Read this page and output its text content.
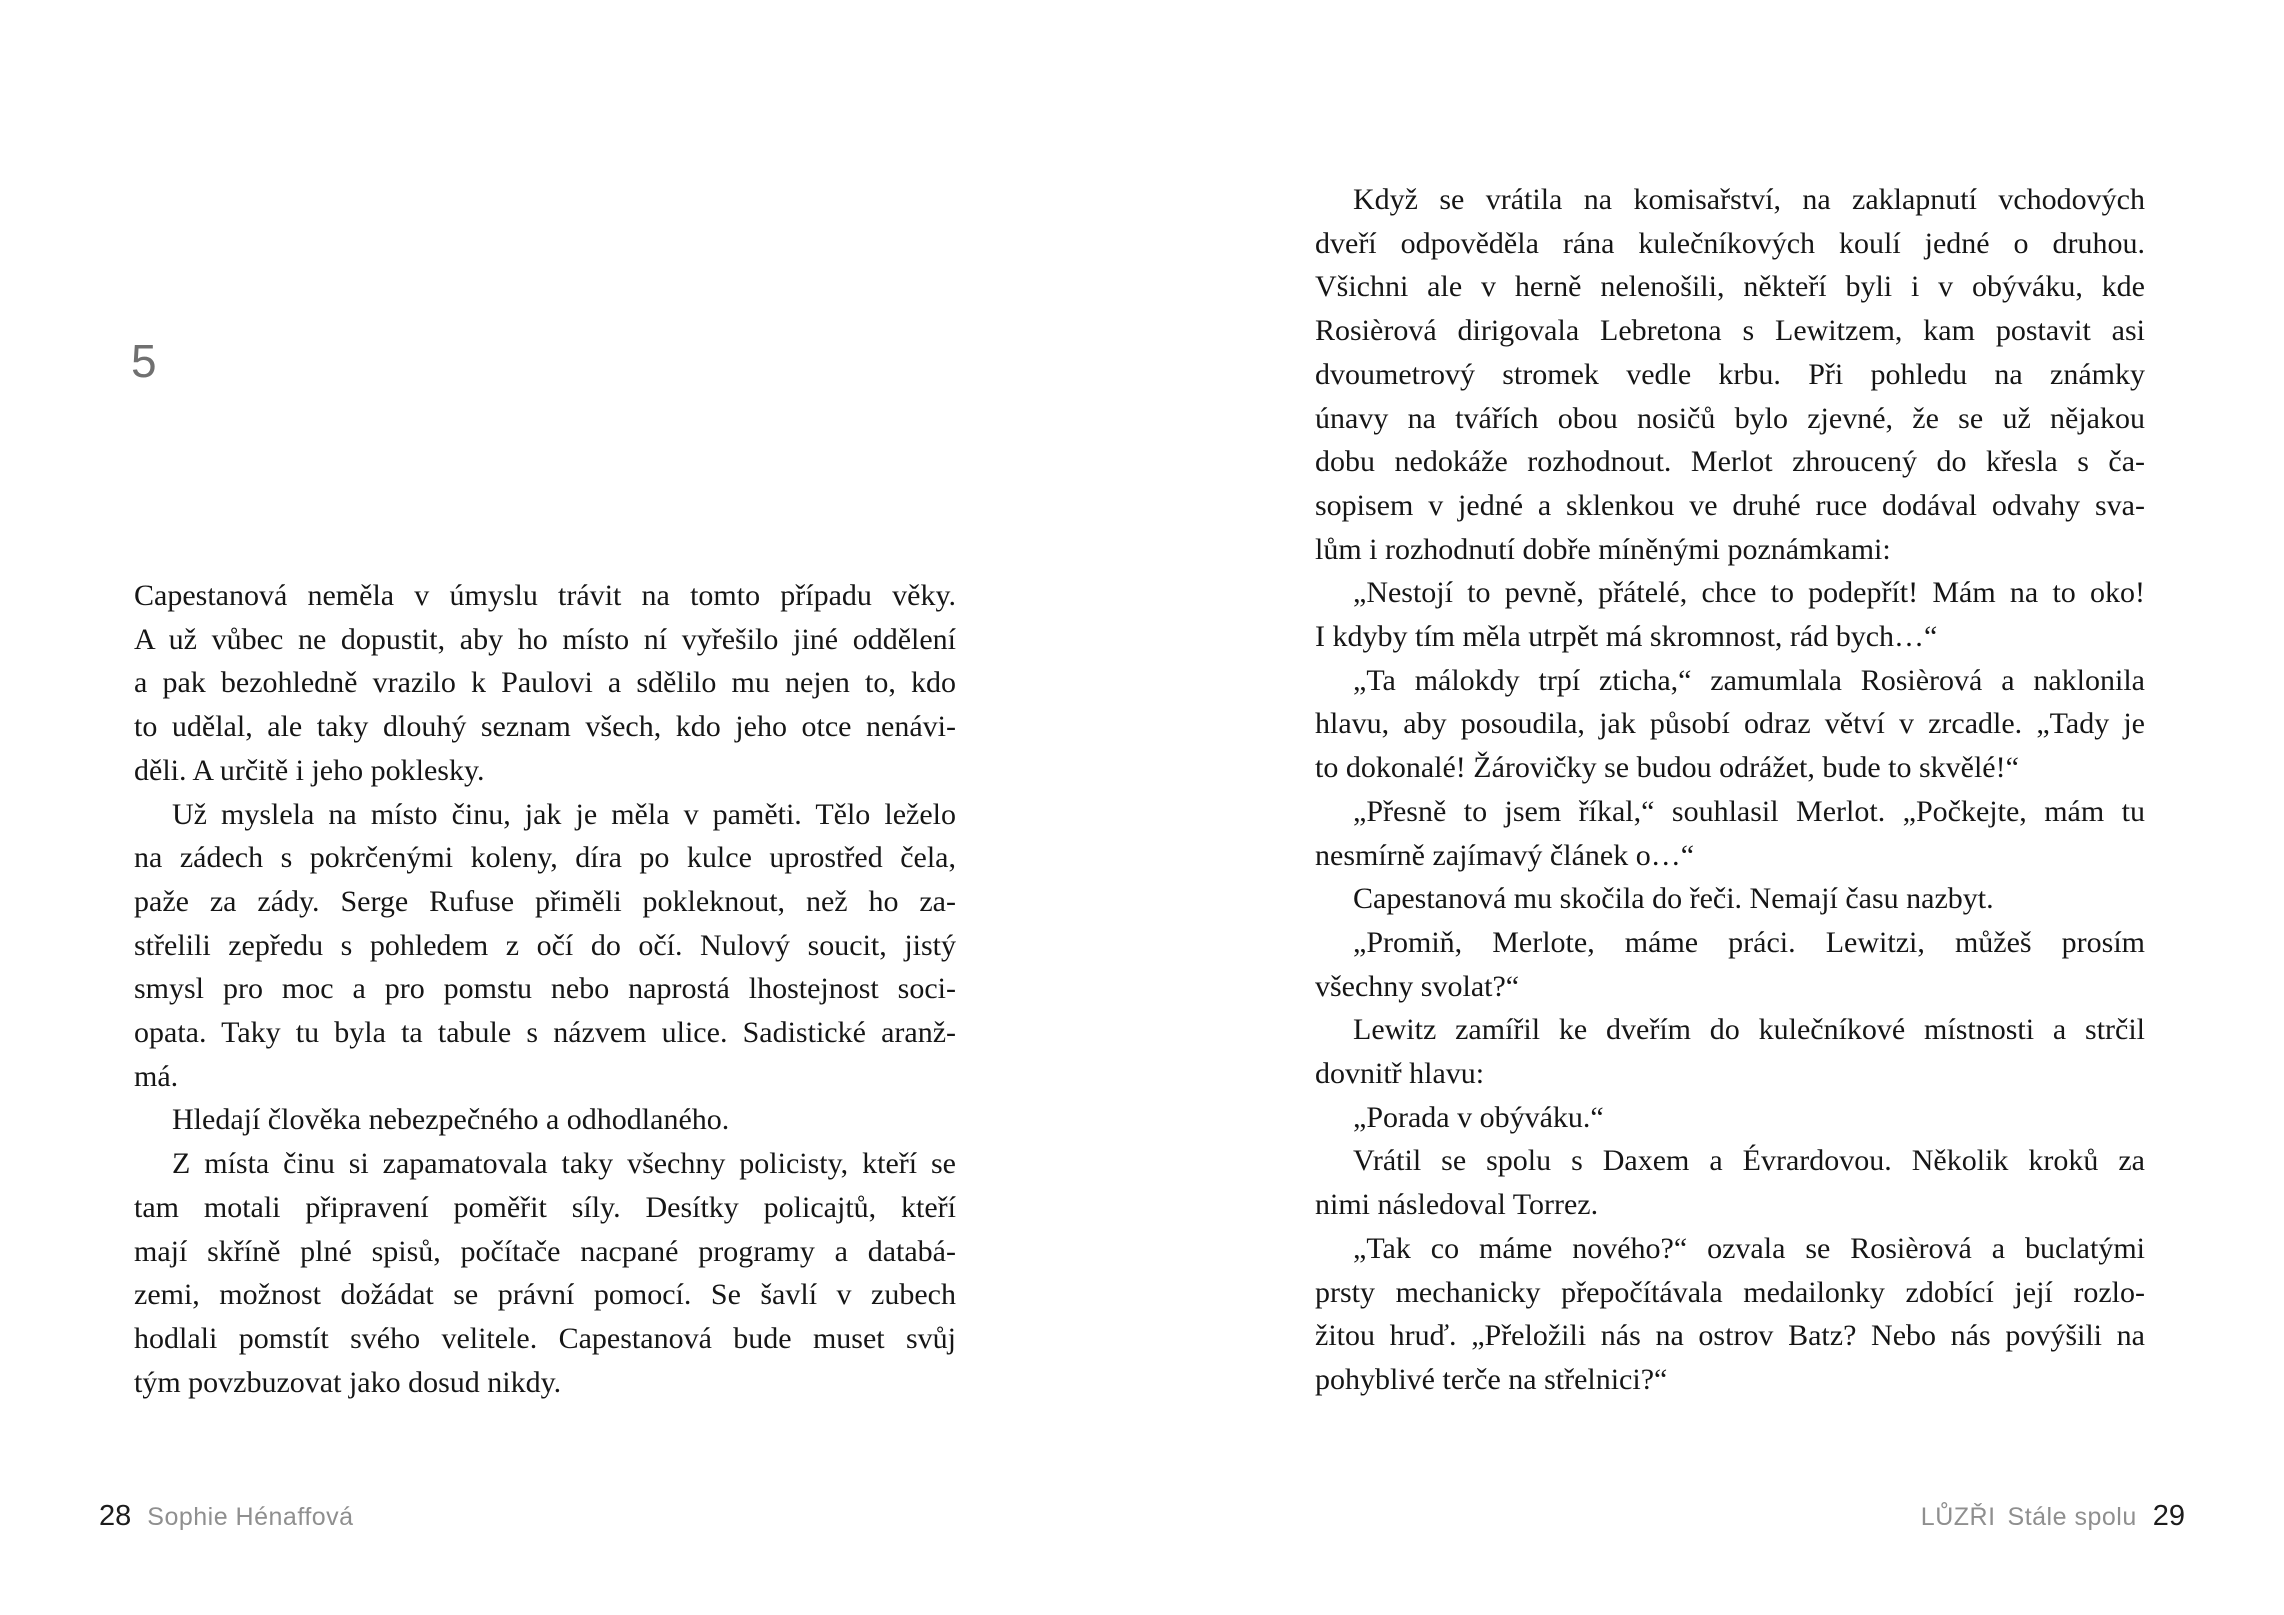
5
Capestanová neměla v úmyslu trávit na tomto případu věky.
A už vůbec ne dopustit, aby ho místo ní vyřešilo jiné oddělení
a pak bezohledně vrazilo k Paulovi a sdělilo mu nejen to, kdo
to udělal, ale taky dlouhý seznam všech, kdo jeho otce nenávi-
děli. A určitě i jeho poklesky.
Už myslela na místo činu, jak je měla v paměti. Tělo leželo
na zádech s pokrčenými koleny, díra po kulce uprostřed čela,
paže za zády. Serge Rufuse přiměli pokleknout, než ho za-
střelili zepředu s pohledem z očí do očí. Nulový soucit, jistý
smysl pro moc a pro pomstu nebo naprostá lhostejnost soci-
opata. Taky tu byla ta tabule s názvem ulice. Sadistické aranž-
má.
Hledají člověka nebezpečného a odhodlaného.
Z místa činu si zapamatovala taky všechny policisty, kteří se
tam motali připravení poměřit síly. Desítky policajtů, kteří
mají skříně plné spisů, počítače nacpané programy a databá-
zemi, možnost dožádat se právní pomocí. Se šavlí v zubech
hodlali pomstít svého velitele. Capestanová bude muset svůj
tým povzbuzovat jako dosud nikdy.
28 Sophie Hénaffová
Když se vrátila na komisařství, na zaklapnutí vchodových
dveří odpověděla rána kulečníkových koulí jedné o druhou.
Všichni ale v herně nelenošili, někteří byli i v obýváku, kde
Rosièrová dirigovala Lebretona s Lewitzem, kam postavit asi
dvoumetrový stromek vedle krbu. Při pohledu na známky
únavy na tvářích obou nosičů bylo zjevné, že se už nějakou
dobu nedokáže rozhodnout. Merlot zhroucený do křesla s ča-
sopisem v jedné a sklenkou ve druhé ruce dodával odvahy sva-
lům i rozhodnutí dobře míněnými poznámkami:
„Nestojí to pevně, přátelé, chce to podepřít! Mám na to oko!
I kdyby tím měla utrpět má skromnost, rád bych…“
„Ta málokdy trpí zticha,“ zamumlala Rosièrová a naklonila
hlavu, aby posoudila, jak působí odraz větví v zrcadle. „Tady je
to dokonalé! Žárovičky se budou odrážet, bude to skvělé!“
„Přesně to jsem říkal,“ souhlasil Merlot. „Počkejte, mám tu
nesmírně zajímavý článek o…“
Capestanová mu skočila do řeči. Nemají času nazbyt.
„Promiň, Merlote, máme práci. Lewitzi, můžeš prosím
všechny svolat?“
Lewitz zamířil ke dveřím do kulečníkové místnosti a strčil
dovnitř hlavu:
„Porada v obýváku.“
Vrátil se spolu s Daxem a Évrardovou. Několik kroků za
nimi následoval Torrez.
„Tak co máme nového?“ ozvala se Rosièrová a buclatými
prsty mechanicky přepočítávala medailonky zdobící její rozlo-
žitou hruď. „Přeložili nás na ostrov Batz? Nebo nás povýšili na
pohyblivé terče na střelnici?“
LŮZŘI Stále spolu 29
